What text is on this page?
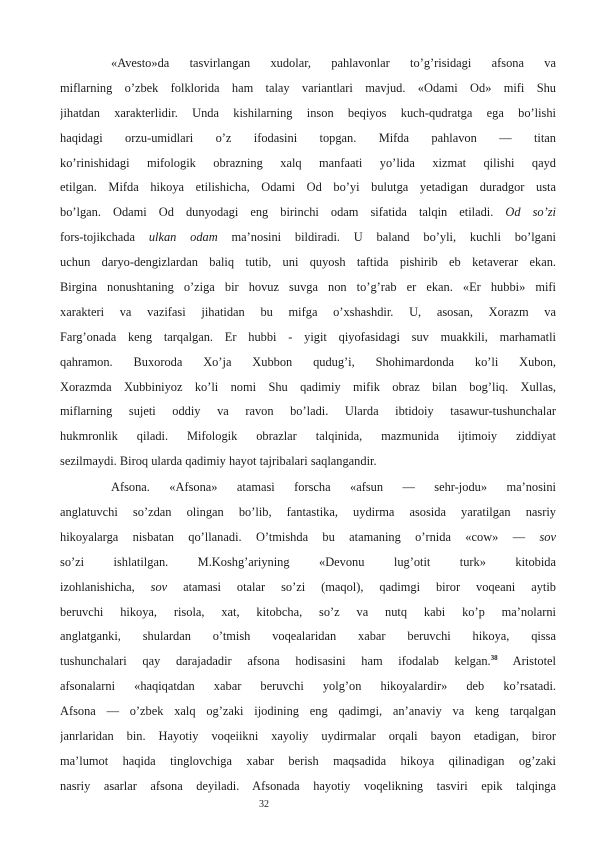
«Avesto»da tasvirlangan xudolar, pahlavonlar to’g’risidagi afsona va
miflarning o’zbek folklorida ham talay variantlari mavjud. «Odami Od» mifi Shu
jihatdan xarakterlidir. Unda kishilarning inson beqiyos kuch-qudratga ega bo’lishi
haqidagi orzu-umidlari o’z ifodasini topgan. Mifda pahlavon — titan
ko’rinishidagi mifologik obrazning xalq manfaati yo’lida xizmat qilishi qayd
etilgan. Mifda hikoya etilishicha, Odami Od bo’yi bulutga yetadigan duradgor usta
bo’lgan. Odami Od dunyodagi eng birinchi odam sifatida talqin etiladi. Od so’zi
fors-tojikchada ulkan odam ma’nosini bildiradi. U baland bo’yli, kuchli bo’lgani
uchun daryo-dengizlardan baliq tutib, uni quyosh taftida pishirib eb ketaverar ekan.
Birgina nonushtaning o’ziga bir hovuz suvga non to’g’rab er ekan. «Er hubbi» mifi
xarakteri va vazifasi jihatidan bu mifga o’xshashdir. U, asosan, Xorazm va
Farg’onada keng tarqalgan. Er hubbi - yigit qiyofasidagi suv muakkili, marhamatli
qahramon. Buxoroda Xo’ja Xubbon qudug’i, Shohimardonda ko’li Xubon,
Xorazmda Xubbiniyoz ko’li nomi Shu qadimiy mifik obraz bilan bog’liq. Xullas,
miflarning sujeti oddiy va ravon bo’ladi. Ularda ibtidoiy tasawur-tushunchalar
hukmronlik qiladi. Mifologik obrazlar talqinida, mazmunida ijtimoiy ziddiyat
sezilmaydi. Biroq ularda qadimiy hayot tajribalari saqlangandir.
Afsona. «Afsona» atamasi forscha «afsun — sehr-jodu» ma’nosini
anglatuvchi so’zdan olingan bo’lib, fantastika, uydirma asosida yaratilgan nasriy
hikoyalarga nisbatan qo’llanadi. O’tmishda bu atamaning o’rnida «cow» — sov
so’zi ishlatilgan. M.Koshg’ariyning «Devonu lug’otit turk» kitobida
izohlanishicha, sov atamasi otalar so’zi (maqol), qadimgi biror voqeani aytib
beruvchi hikoya, risola, xat, kitobcha, so’z va nutq kabi ko’p ma’nolarni
anglatganki, shulardan o’tmish voqealaridan xabar beruvchi hikoya, qissa
tushunchalari qay darajadadir afsona hodisasini ham ifodalab kelgan.$^{38}$ Aristotel
afsonalarni «haqiqatdan xabar beruvchi yolg’on hikoyalardir» deb ko’rsatadi.
Afsona — o’zbek xalq og’zaki ijodining eng qadimgi, an’anaviy va keng tarqalgan
janrlaridan bin. Hayotiy voqeiikni xayoliy uydirmalar orqali bayon etadigan, biror
ma’lumot haqida tinglovchiga xabar berish maqsadida hikoya qilinadigan og’zaki
nasriy asarlar afsona deyiladi. Afsonada hayotiy voqelikning tasviri epik talqinga
32
